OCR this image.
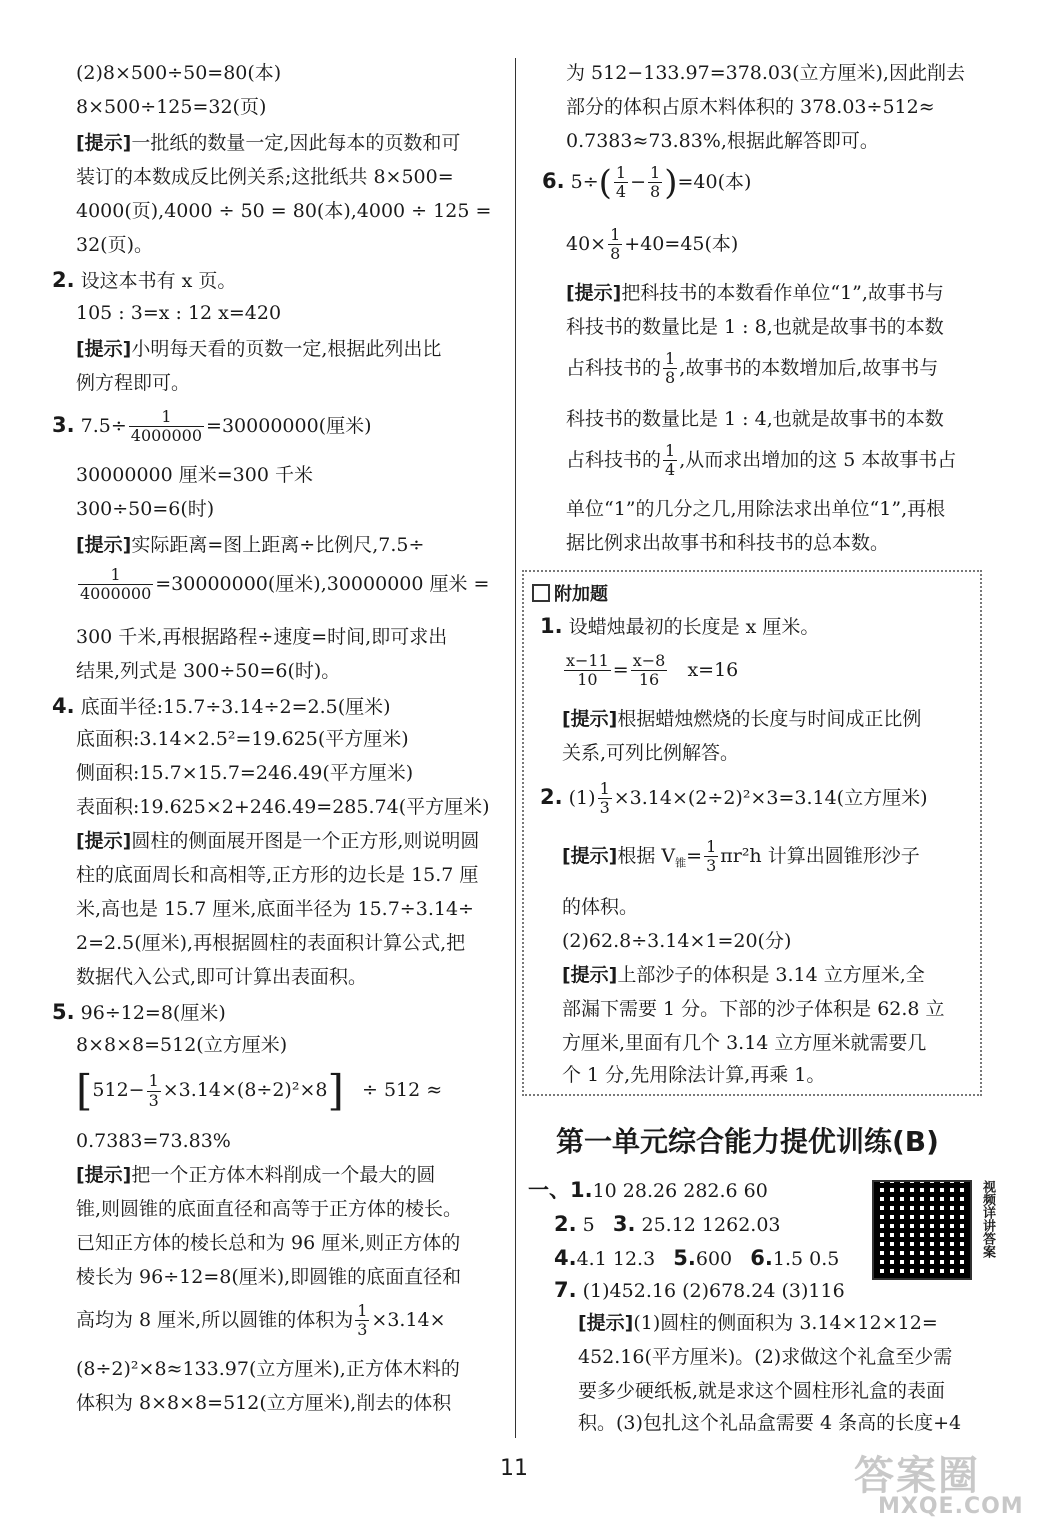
(2)8×500÷50=80(本)
8×500÷125=32(页)
[提示]一批纸的数量一定,因此每本的页数和可
装订的本数成反比例关系;这批纸共 8×500=
4000(页),4000 ÷ 50 = 80(本),4000 ÷ 125 =
32(页)。
2. 设这本书有 x 页。
105 : 3=x : 12 x=420
[提示]小明每天看的页数一定,根据此列出比
例方程即可。
3. $7.5\div \frac{1}{4000000} =30000000$(厘米)
30000000 厘米=300 千米
300÷50=6(时)
[提示]实际距离=图上距离÷比例尺,7.5÷
$\frac{1}{4000000} =30000000$(厘米),30000000 厘米 =
300 千米,再根据路程÷速度=时间,即可求出
结果,列式是 300÷50=6(时)。
4. 底面半径:15.7÷3.14÷2=2.5(厘米)
底面积:3.14×2.5²=19.625(平方厘米)
侧面积:15.7×15.7=246.49(平方厘米)
表面积:19.625×2+246.49=285.74(平方厘米)
[提示]圆柱的侧面展开图是一个正方形,则说明圆
柱的底面周长和高相等,正方形的边长是 15.7 厘
米,高也是 15.7 厘米,底面半径为 15.7÷3.14÷
2=2.5(厘米),再根据圆柱的表面积计算公式,把
数据代入公式,即可计算出表面积。
5. 96÷12=8(厘米)
8×8×8=512(立方厘米)
$[512- \frac{1}{3} \times 3.14\times(8\div 2)^2\times 8] \div 512$ ≈
0.7383=73.83%
[提示]把一个正方体木料削成一个最大的圆
锥,则圆锥的底面直径和高等于正方体的棱长。
已知正方体的棱长总和为 96 厘米,则正方体的
棱长为 96÷12=8(厘米),即圆锥的底面直径和
高均为 8 厘米,所以圆锥的体积为 $\frac{1}{3} \times 3.14\times$
(8÷2)²×8≈133.97(立方厘米),正方体木料的
体积为 8×8×8=512(立方厘米),削去的体积
为 512−133.97=378.03(立方厘米),因此削去
部分的体积占原木料体积的 378.03÷512≈
0.7383≈73.83%,根据此解答即可。
6. $5\div( \frac{1}{4} - \frac{1}{8} )=40$(本)
$40\times \frac{1}{8} +40=45$(本)
[提示]把科技书的本数看作单位“1”,故事书与
科技书的数量比是 1 : 8,也就是故事书的本数
占科技书的 $\frac{1}{8}$ ,故事书的本数增加后,故事书与
科技书的数量比是 1 : 4,也就是故事书的本数
占科技书的 $\frac{1}{4}$ ,从而求出增加的这 5 本故事书占
单位“1”的几分之几,用除法求出单位“1”,再根
据比例求出故事书和科技书的总本数。
附加题
1. 设蜡烛最初的长度是 x 厘米。
$\frac{x-11}{10} = \frac{x-8}{16} x=16$
[提示]根据蜡烛燃烧的长度与时间成正比例
关系,可列比例解答。
2. $(1) \frac{1}{3} \times 3.14\times(2\div 2)^2\times 3=3.14$(立方厘米)
[提示]根据 $V_锥= \frac{1}{3} \pi r^2h$ 计算出圆锥形沙子
的体积。
(2)62.8÷3.14×1=20(分)
[提示]上部沙子的体积是 3.14 立方厘米,全
部漏下需要 1 分。下部的沙子体积是 62.8 立
方厘米,里面有几个 3.14 立方厘米就需要几
个 1 分,先用除法计算,再乘 1。
第一单元综合能力提优训练(B)
一、1.10 28.26 282.6 60
2. 5 3. 25.12 1262.03
4.4.1 12.3 5.600 6.1.5 0.5
7. (1)452.16 (2)678.24 (3)116
[提示](1)圆柱的侧面积为 3.14×12×12=
452.16(平方厘米)。(2)求做这个礼盒至少需
要多少硬纸板,就是求这个圆柱形礼盒的表面
积。(3)包扎这个礼品盒需要 4 条高的长度+4
视频详讲答案
11	答案圈
MXQE.COM
